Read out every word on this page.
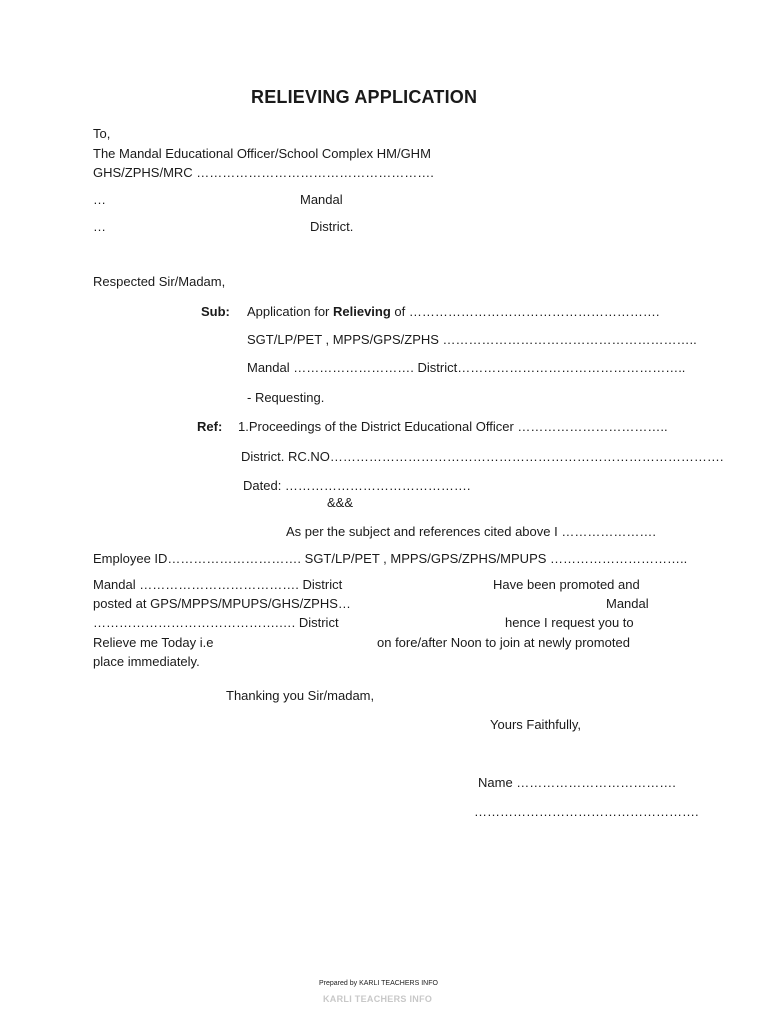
RELIEVING APPLICATION
To,
The Mandal Educational Officer/School Complex HM/GHM
GHS/ZPHS/MRC ……………………………………………….
…	Mandal
…	District.
Respected Sir/Madam,
Sub: Application for Relieving of ………………………………………………….
SGT/LP/PET , MPPS/GPS/ZPHS …………………………………………………..
Mandal ………………………. District……………………………………………..
- Requesting.
Ref: 1.Proceedings of the District Educational Officer ……………………………..
District. RC.NO……………………………………………………………………………….
Dated: …………………………………….
&&&
As per the subject and references cited above I ………………….
Employee ID…………………………. SGT/LP/PET , MPPS/GPS/ZPHS/MPUPS …………………………..
Mandal ………………………………. District	Have been promoted and
posted at GPS/MPPS/MPUPS/GHS/ZPHS…	Mandal
…………………………………….…. District	hence I request you to
Relieve me Today i.e	on fore/after Noon to join at newly promoted
place immediately.
Thanking you Sir/madam,
Yours Faithfully,
Name ……………………………….
…………………………………………….
Prepared by KARLI TEACHERS INFO
KARLI TEACHERS INFO
